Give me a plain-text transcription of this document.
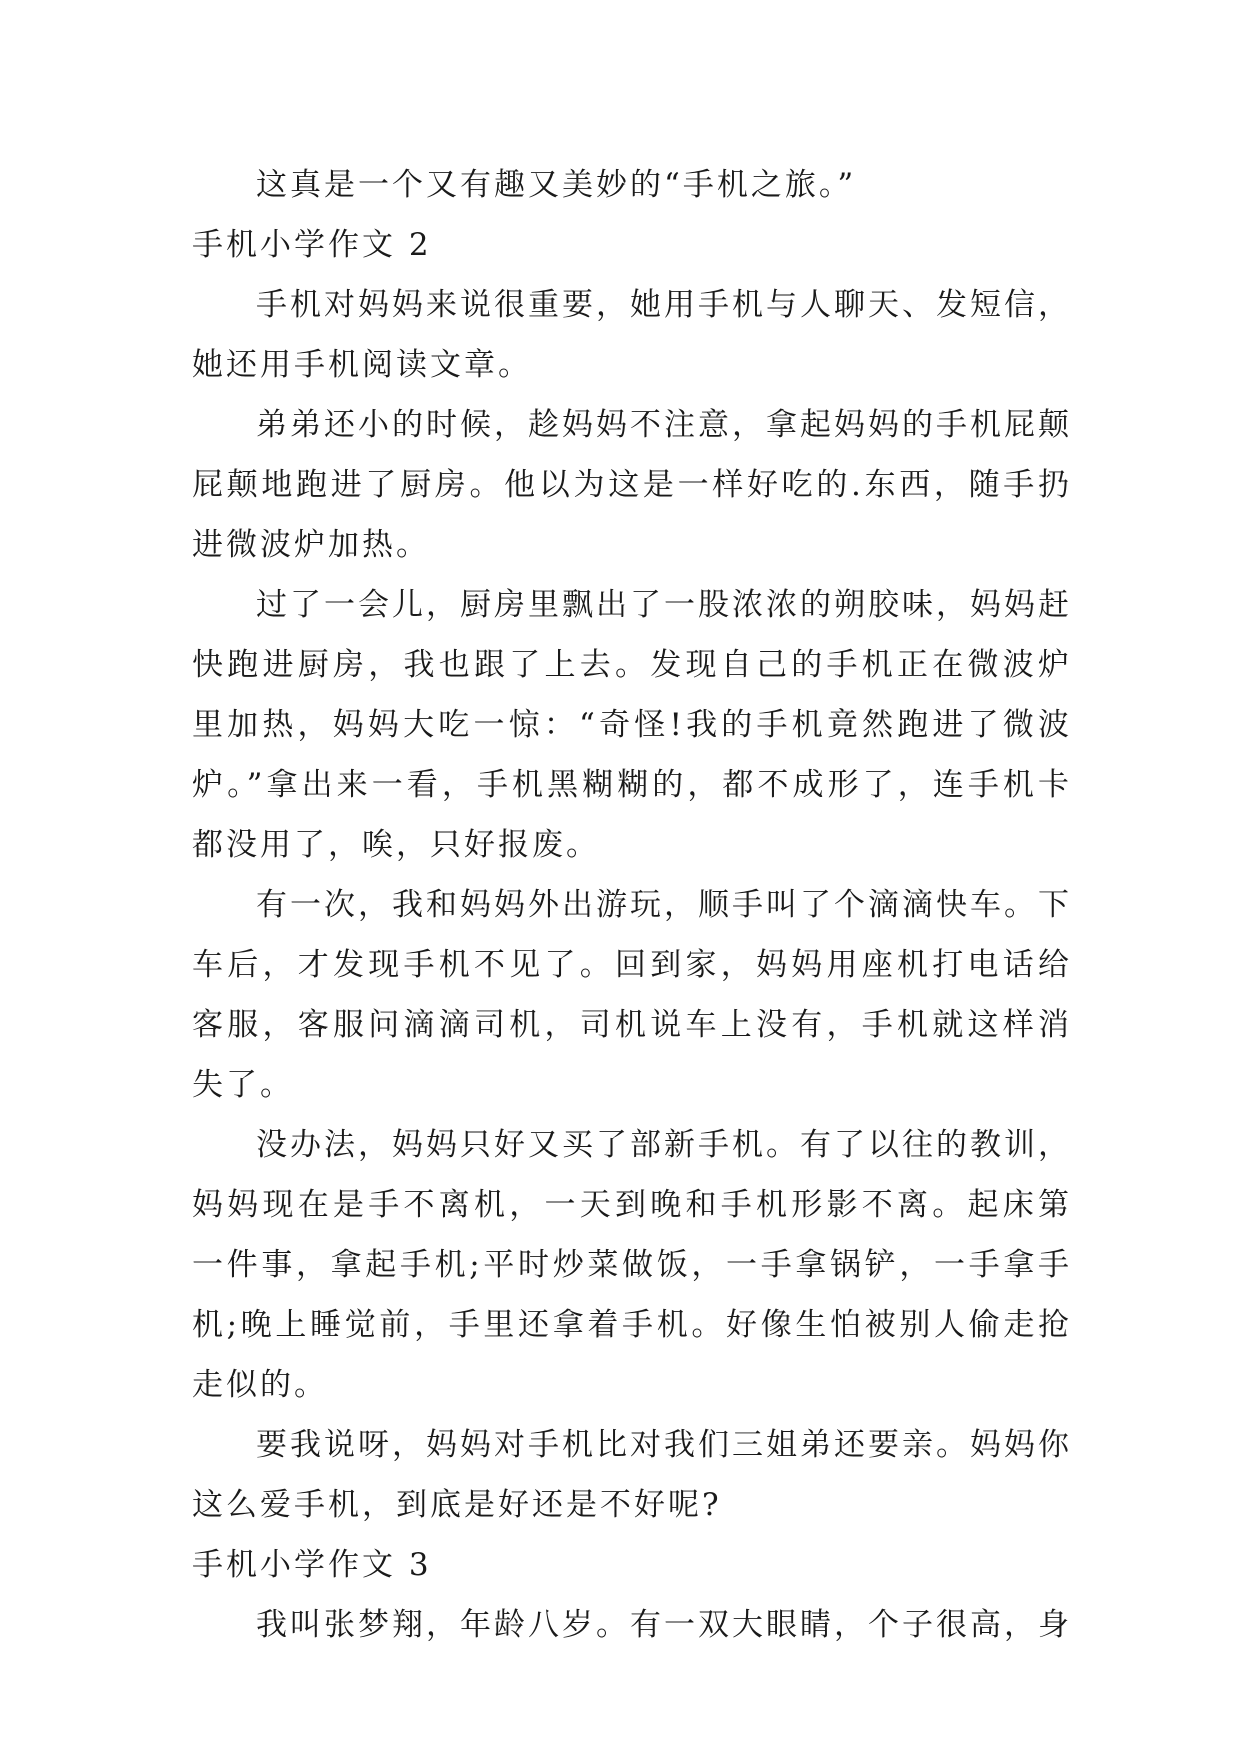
这真是一个又有趣又美妙的“手机之旅。”

手机小学作文 2

手机对妈妈来说很重要，她用手机与人聊天、发短信，她还用手机阅读文章。

弟弟还小的时候，趁妈妈不注意，拿起妈妈的手机屁颠屁颠地跑进了厨房。他以为这是一样好吃的.东西，随手扔进微波炉加热。

过了一会儿，厨房里飘出了一股浓浓的朔胶味，妈妈赶快跑进厨房，我也跟了上去。发现自己的手机正在微波炉里加热，妈妈大吃一惊：“奇怪!我的手机竟然跑进了微波炉。”拿出来一看，手机黑糊糊的，都不成形了，连手机卡都没用了，唉，只好报废。

有一次，我和妈妈外出游玩，顺手叫了个滴滴快车。下车后，才发现手机不见了。回到家，妈妈用座机打电话给客服，客服问滴滴司机，司机说车上没有，手机就这样消失了。

没办法，妈妈只好又买了部新手机。有了以往的教训，妈妈现在是手不离机，一天到晚和手机形影不离。起床第一件事，拿起手机;平时炒菜做饭，一手拿锅铲，一手拿手机;晚上睡觉前，手里还拿着手机。好像生怕被别人偷走抢走似的。

要我说呀，妈妈对手机比对我们三姐弟还要亲。妈妈你这么爱手机，到底是好还是不好呢?

手机小学作文 3

我叫张梦翔，年龄八岁。有一双大眼睛，个子很高，身
